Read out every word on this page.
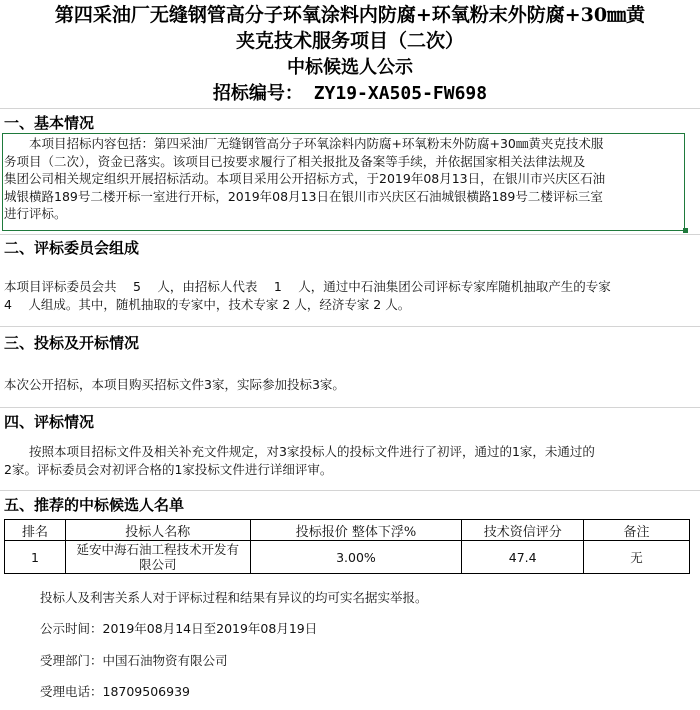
第四采油厂无缝钢管高分子环氧涂料内防腐+环氧粉末外防腐+30㎜黄
夹克技术服务项目（二次）
中标候选人公示
招标编号： ZY19-XA505-FW698
一、基本情况
　　本项目招标内容包括：第四采油厂无缝钢管高分子环氧涂料内防腐+环氧粉末外防腐+30㎜黄夹克技术服
务项目（二次），资金已落实。该项目已按要求履行了相关报批及备案等手续，并依据国家相关法律法规及
集团公司相关规定组织开展招标活动。本项目采用公开招标方式，于2019年08月13日，在银川市兴庆区石油
城银横路189号二楼开标一室进行开标，2019年08月13日在银川市兴庆区石油城银横路189号二楼评标三室
进行评标。
二、评标委员会组成
本项目评标委员会共　 5　 人，由招标人代表　 1　 人，通过中石油集团公司评标专家库随机抽取产生的专家
4　 人组成。其中，随机抽取的专家中，技术专家 2 人，经济专家 2 人。
三、投标及开标情况
本次公开招标，本项目购买招标文件3家，实际参加投标3家。
四、评标情况
　　按照本项目招标文件及相关补充文件规定，对3家投标人的投标文件进行了初评，通过的1家，未通过的
2家。评标委员会对初评合格的1家投标文件进行详细评审。
五、推荐的中标候选人名单
排名	投标人名称	投标报价 整体下浮%	技术资信评分	备注
1	延安中海石油工程技术开发有
限公司	3.00%	47.4	无
投标人及利害关系人对于评标过程和结果有异议的均可实名据实举报。
公示时间：2019年08月14日至2019年08月19日
受理部门：中国石油物资有限公司
受理电话：18709506939
